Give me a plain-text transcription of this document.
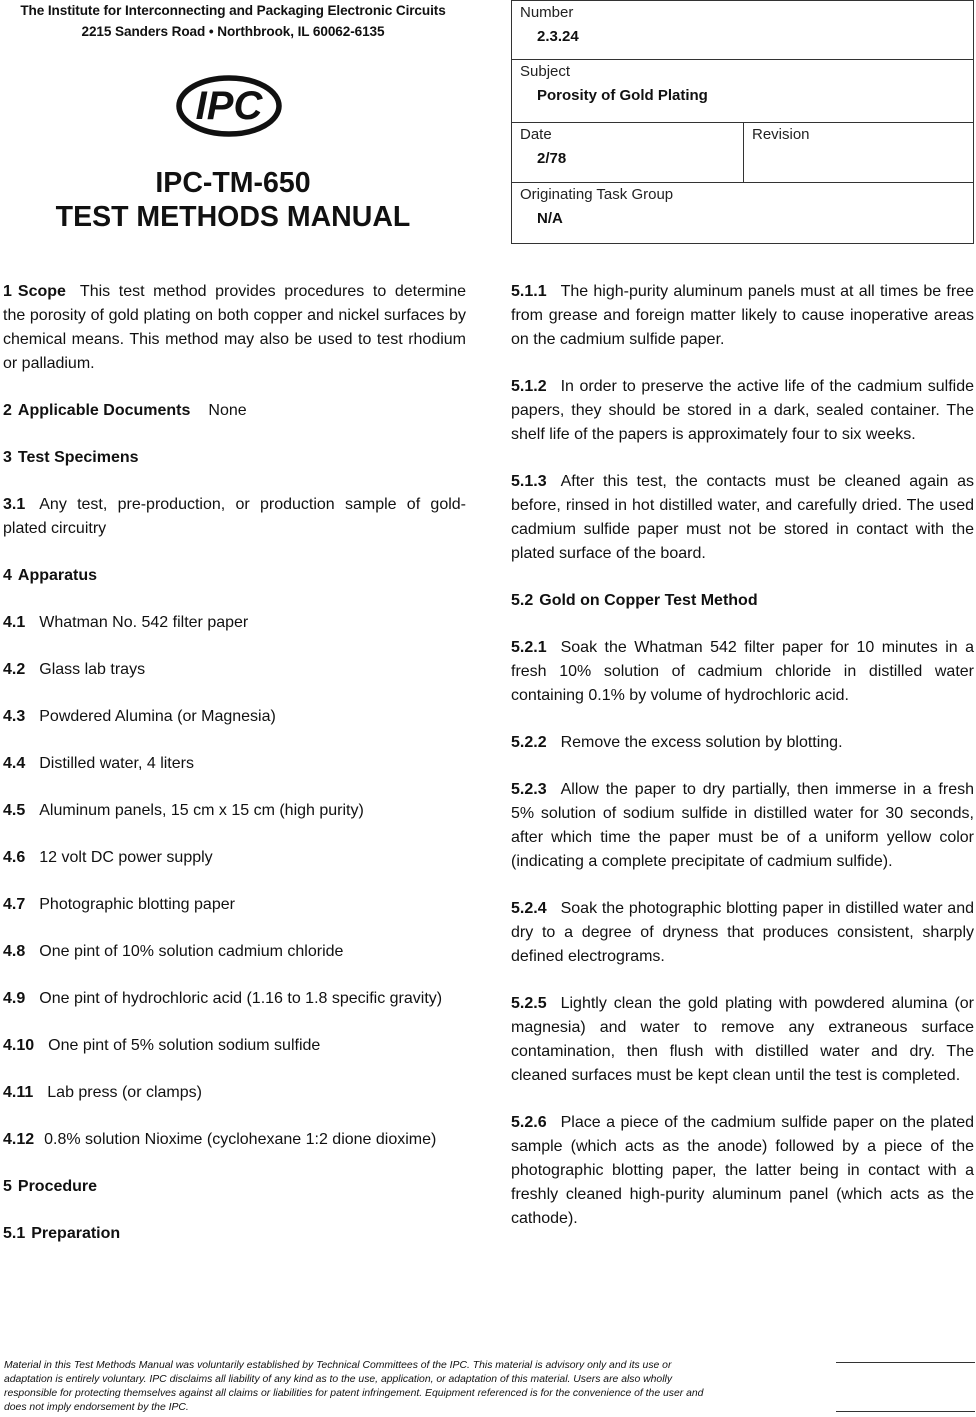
The Institute for Interconnecting and Packaging Electronic Circuits
2215 Sanders Road • Northbrook, IL 60062-6135
IPC
IPC-TM-650
TEST METHODS MANUAL
Number
2.3.24
Subject
Porosity of Gold Plating
Date
2/78
Revision
Originating Task Group
N/A

1 Scope This test method provides procedures to determine the porosity of gold plating on both copper and nickel surfaces by chemical means. This method may also be used to test rhodium or palladium.

2 Applicable Documents None

3 Test Specimens

3.1 Any test, pre-production, or production sample of gold-plated circuitry

4 Apparatus

4.1 Whatman No. 542 filter paper

4.2 Glass lab trays

4.3 Powdered Alumina (or Magnesia)

4.4 Distilled water, 4 liters

4.5 Aluminum panels, 15 cm x 15 cm (high purity)

4.6 12 volt DC power supply

4.7 Photographic blotting paper

4.8 One pint of 10% solution cadmium chloride

4.9 One pint of hydrochloric acid (1.16 to 1.8 specific gravity)

4.10 One pint of 5% solution sodium sulfide

4.11 Lab press (or clamps)

4.12 0.8% solution Nioxime (cyclohexane 1:2 dione dioxime)

5 Procedure

5.1 Preparation

5.1.1 The high-purity aluminum panels must at all times be free from grease and foreign matter likely to cause inoperative areas on the cadmium sulfide paper.

5.1.2 In order to preserve the active life of the cadmium sulfide papers, they should be stored in a dark, sealed container. The shelf life of the papers is approximately four to six weeks.

5.1.3 After this test, the contacts must be cleaned again as before, rinsed in hot distilled water, and carefully dried. The used cadmium sulfide paper must not be stored in contact with the plated surface of the board.

5.2 Gold on Copper Test Method

5.2.1 Soak the Whatman 542 filter paper for 10 minutes in a fresh 10% solution of cadmium chloride in distilled water containing 0.1% by volume of hydrochloric acid.

5.2.2 Remove the excess solution by blotting.

5.2.3 Allow the paper to dry partially, then immerse in a fresh 5% solution of sodium sulfide in distilled water for 30 seconds, after which time the paper must be of a uniform yellow color (indicating a complete precipitate of cadmium sulfide).

5.2.4 Soak the photographic blotting paper in distilled water and dry to a degree of dryness that produces consistent, sharply defined electrograms.

5.2.5 Lightly clean the gold plating with powdered alumina (or magnesia) and water to remove any extraneous surface contamination, then flush with distilled water and dry. The cleaned surfaces must be kept clean until the test is completed.

5.2.6 Place a piece of the cadmium sulfide paper on the plated sample (which acts as the anode) followed by a piece of the photographic blotting paper, the latter being in contact with a freshly cleaned high-purity aluminum panel (which acts as the cathode).

Material in this Test Methods Manual was voluntarily established by Technical Committees of the IPC. This material is advisory only and its use or adaptation is entirely voluntary. IPC disclaims all liability of any kind as to the use, application, or adaptation of this material. Users are also wholly responsible for protecting themselves against all claims or liabilities for patent infringement. Equipment referenced is for the convenience of the user and does not imply endorsement by the IPC.
